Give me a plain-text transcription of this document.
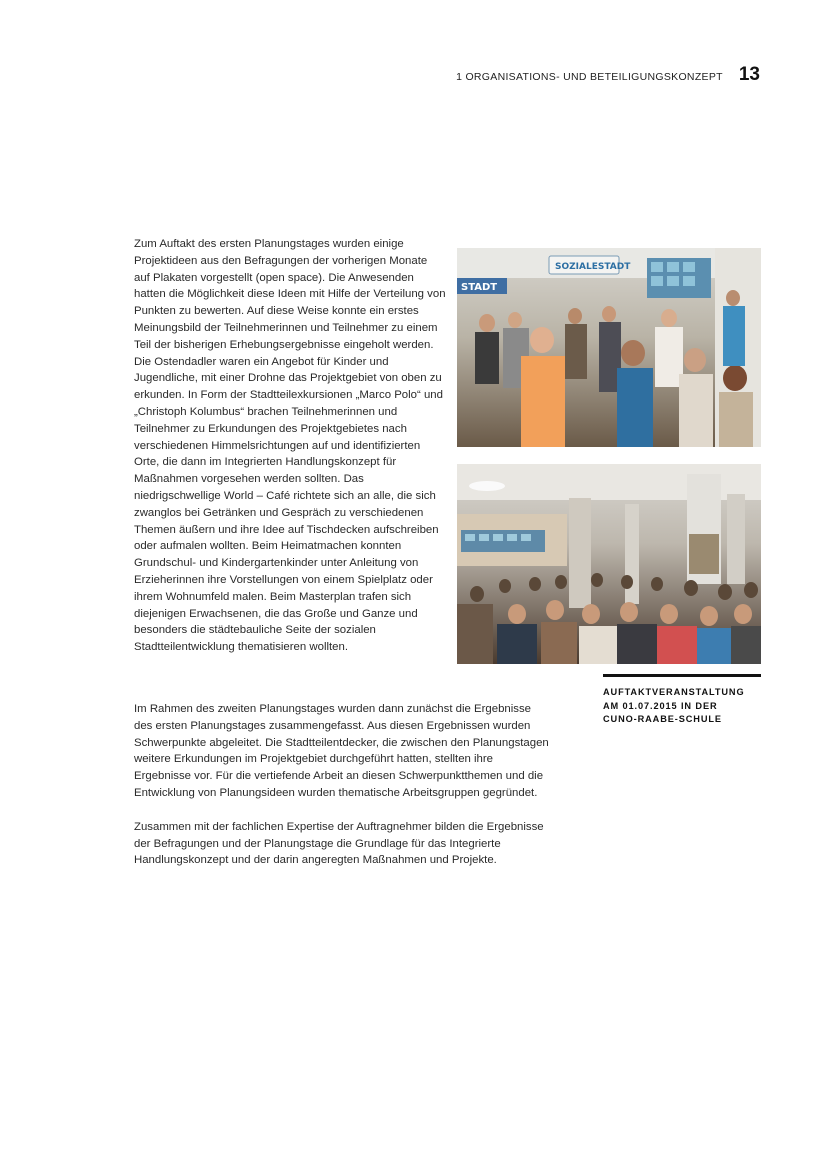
1 ORGANISATIONS- UND BETEILIGUNGSKONZEPT 13

Zum Auftakt des ersten Planungstages wurden einige Projektideen aus den Befragungen der vorherigen Monate auf Plakaten vorgestellt (open space). Die Anwesenden hatten die Möglichkeit diese Ideen mit Hilfe der Verteilung von Punkten zu bewerten. Auf diese Weise konnte ein erstes Meinungsbild der Teilnehmerinnen und Teilnehmer zu einem Teil der bisherigen Erhebungsergebnisse eingeholt werden. Die Ostendadler waren ein Angebot für Kinder und Jugendliche, mit einer Drohne das Projektgebiet von oben zu erkunden. In Form der Stadtteilexkursionen „Marco Polo“ und „Christoph Kolumbus“ brachen Teilnehmerinnen und Teilnehmer zu Erkundungen des Projektgebietes nach verschiedenen Himmelsrichtungen auf und identifizierten Orte, die dann im Integrierten Handlungskonzept für Maßnahmen vorgesehen werden sollten. Das niedrigschwellige World – Café richtete sich an alle, die sich zwanglos bei Getränken und Gespräch zu verschiedenen Themen äußern und ihre Idee auf Tischdecken aufschreiben oder aufmalen wollten. Beim Heimatmachen konnten Grundschul- und Kindergartenkinder unter Anleitung von Erzieherinnen ihre Vorstellungen von einem Spielplatz oder ihrem Wohnumfeld malen. Beim Masterplan trafen sich diejenigen Erwachsenen, die das Große und Ganze und besonders die städtebauliche Seite der sozialen Stadtteilentwicklung thematisieren wollten.

SOZIALESTADT
STADT
AUFTAKTVERANSTALTUNG
AM 01.07.2015 IN DER
CUNO-RAABE-SCHULE

Im Rahmen des zweiten Planungstages wurden dann zunächst die Ergebnisse des ersten Planungstages zusammengefasst. Aus diesen Ergebnissen wurden Schwerpunkte abgeleitet. Die Stadtteilentdecker, die zwischen den Planungstagen weitere Erkundungen im Projektgebiet durchgeführt hatten, stellten ihre Ergebnisse vor. Für die vertiefende Arbeit an diesen Schwerpunktthemen und die Entwicklung von Planungsideen wurden thematische Arbeitsgruppen gegründet.

Zusammen mit der fachlichen Expertise der Auftragnehmer bilden die Ergebnisse der Befragungen und der Planungstage die Grundlage für das Integrierte Handlungskonzept und der darin angeregten Maßnahmen und Projekte.
